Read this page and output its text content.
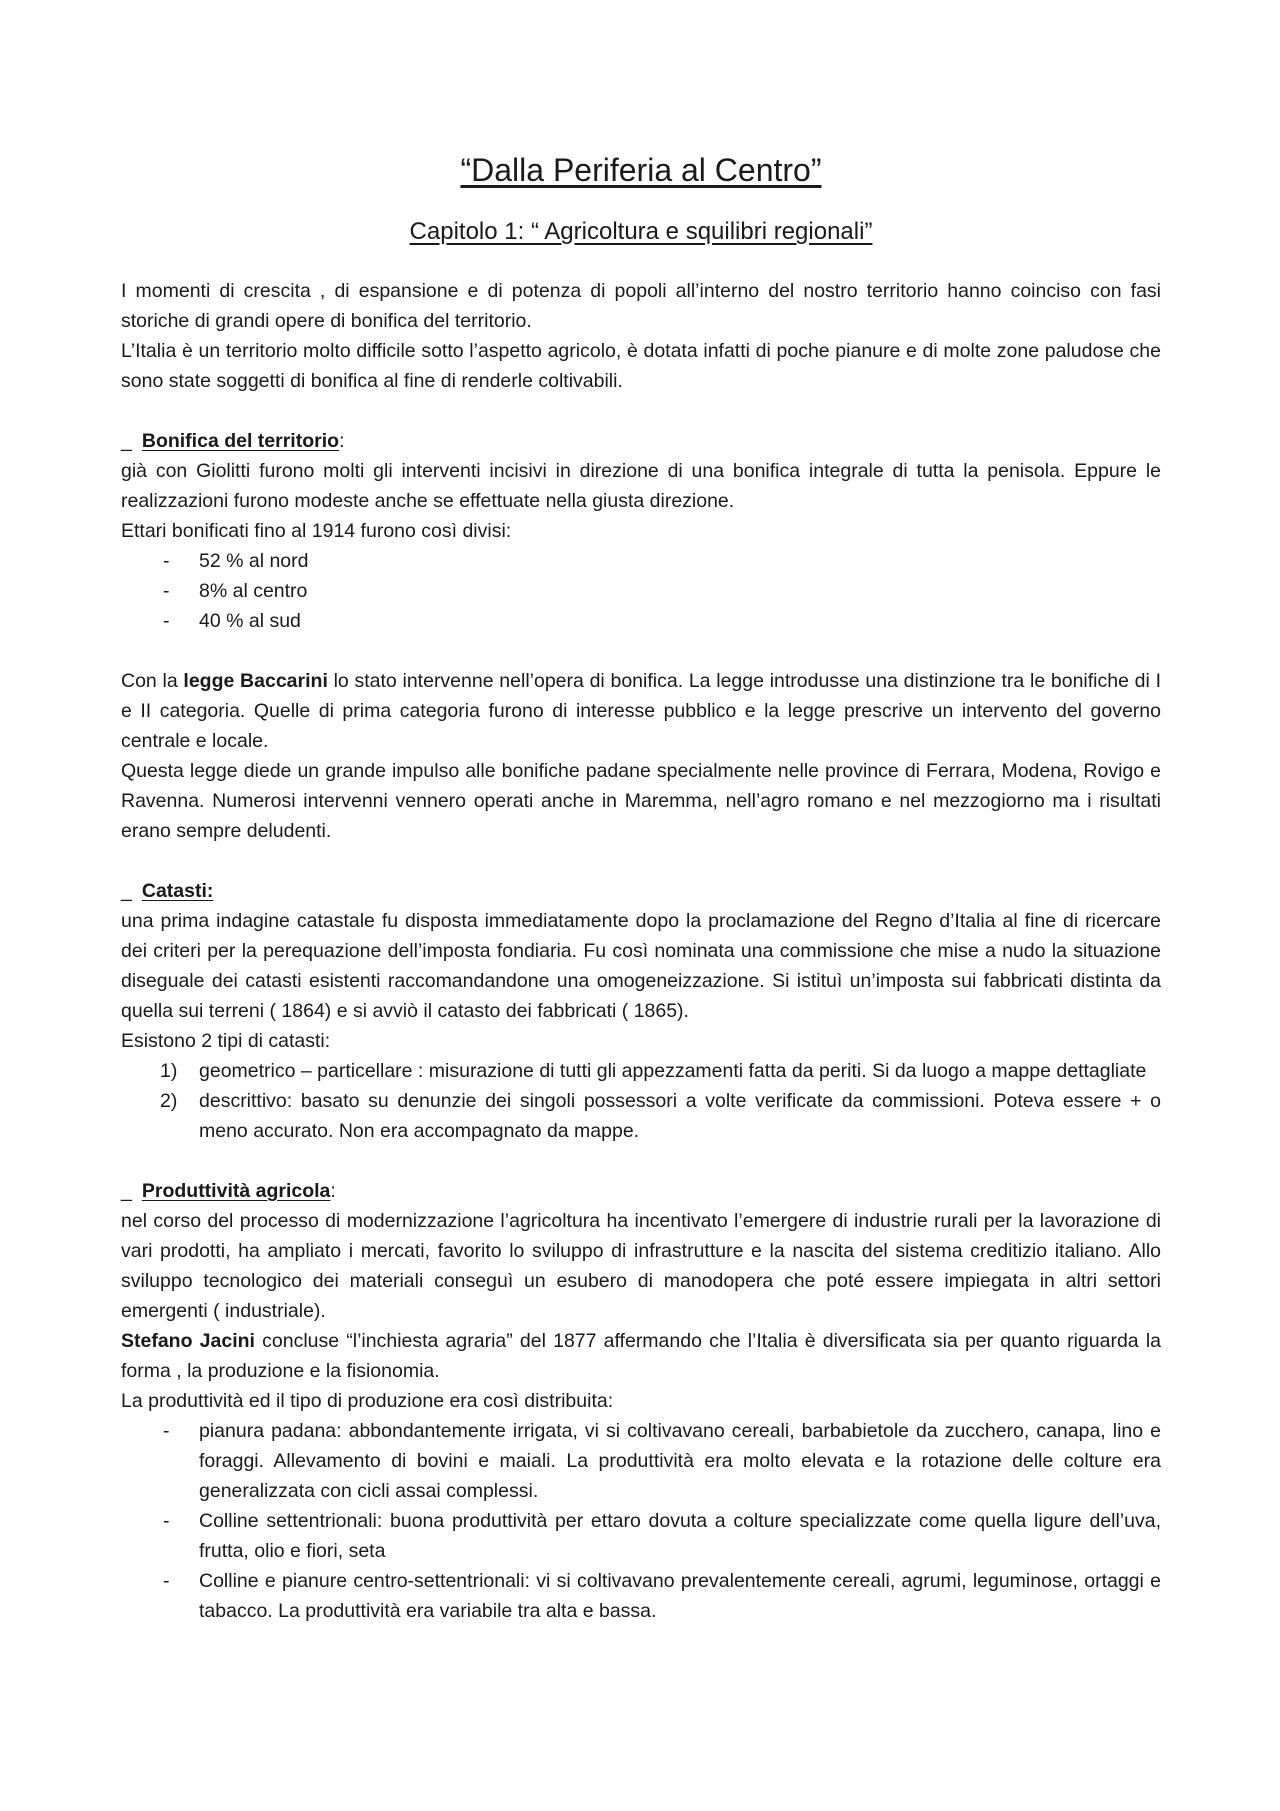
“Dalla Periferia al Centro”
Capitolo 1: “ Agricoltura e squilibri regionali”

I momenti di crescita , di espansione e di potenza di popoli all’interno del nostro territorio hanno coinciso con fasi storiche di grandi opere di bonifica del territorio.

L’Italia è un territorio molto difficile sotto l’aspetto agricolo, è dotata infatti di poche pianure e di molte zone paludose che sono state soggetti di bonifica al fine di renderle coltivabili.

_ Bonifica del territorio:

già con Giolitti furono molti gli interventi incisivi in direzione di una bonifica integrale di tutta la penisola. Eppure le realizzazioni furono modeste anche se effettuate nella giusta direzione.

Ettari bonificati fino al 1914 furono così divisi:

- 52 % al nord
- 8% al centro
- 40 % al sud

Con la legge Baccarini lo stato intervenne nell’opera di bonifica. La legge introdusse una distinzione tra le bonifiche di I e II categoria. Quelle di prima categoria furono di interesse pubblico e la legge prescrive un intervento del governo centrale e locale.

Questa legge diede un grande impulso alle bonifiche padane specialmente nelle province di Ferrara, Modena, Rovigo e Ravenna. Numerosi intervenni vennero operati anche in Maremma, nell’agro romano e nel mezzogiorno ma i risultati erano sempre deludenti.

_ Catasti:

una prima indagine catastale fu disposta immediatamente dopo la proclamazione del Regno d’Italia al fine di ricercare dei criteri per la perequazione dell’imposta fondiaria. Fu così nominata una commissione che mise a nudo la situazione diseguale dei catasti esistenti raccomandandone una omogeneizzazione. Si istituì un’imposta sui fabbricati distinta da quella sui terreni ( 1864) e si avviò il catasto dei fabbricati ( 1865).

Esistono 2 tipi di catasti:

1) geometrico – particellare : misurazione di tutti gli appezzamenti fatta da periti. Si da luogo a mappe dettagliate
2) descrittivo: basato su denunzie dei singoli possessori a volte verificate da commissioni. Poteva essere + o meno accurato. Non era accompagnato da mappe.
_ Produttività agricola:

nel corso del processo di modernizzazione l’agricoltura ha incentivato l’emergere di industrie rurali per la lavorazione di vari prodotti, ha ampliato i mercati, favorito lo sviluppo di infrastrutture e la nascita del sistema creditizio italiano. Allo sviluppo tecnologico dei materiali conseguì un esubero di manodopera che poté essere impiegata in altri settori emergenti ( industriale).

Stefano Jacini concluse “l’inchiesta agraria” del 1877 affermando che l’Italia è diversificata sia per quanto riguarda la forma , la produzione e la fisionomia.

La produttività ed il tipo di produzione era così distribuita:

- pianura padana: abbondantemente irrigata, vi si coltivavano cereali, barbabietole da zucchero, canapa, lino e foraggi. Allevamento di bovini e maiali. La produttività era molto elevata e la rotazione delle colture era generalizzata con cicli assai complessi.
- Colline settentrionali: buona produttività per ettaro dovuta a colture specializzate come quella ligure dell’uva, frutta, olio e fiori, seta
- Colline e pianure centro-settentrionali: vi si coltivavano prevalentemente cereali, agrumi, leguminose, ortaggi e tabacco. La produttività era variabile tra alta e bassa.
